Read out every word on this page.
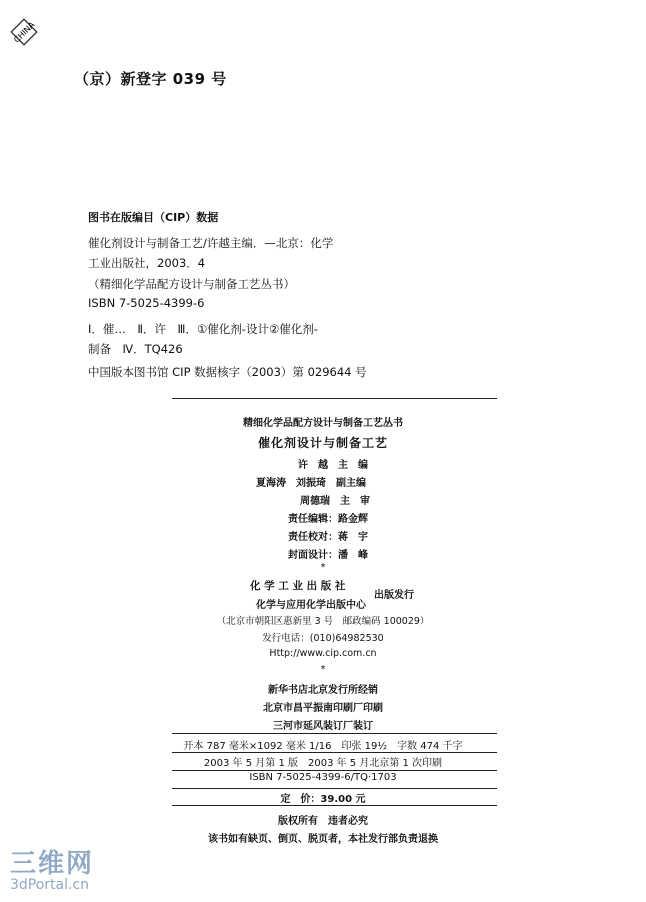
CHINA
（京）新登字 039 号
图书在版编目（CIP）数据
催化剂设计与制备工艺/许越主编．—北京：化学
工业出版社，2003．4
（精细化学品配方设计与制备工艺丛书）
ISBN 7-5025-4399-6
Ⅰ．催…　Ⅱ．许　Ⅲ．①催化剂-设计②催化剂-
制备　Ⅳ．TQ426
中国版本图书馆 CIP 数据核字（2003）第 029644 号
精细化学品配方设计与制备工艺丛书
催化剂设计与制备工艺
许　越　主　编
夏海涛　刘振琦　副主编
周德瑞　主　审
责任编辑：路金辉
责任校对：蒋　宇
封面设计：潘　峰
*
化 学 工 业 出 版 社
出版发行
化学与应用化学出版中心
（北京市朝阳区惠新里 3 号　邮政编码 100029）
发行电话：(010)64982530
Http://www.cip.com.cn
*
新华书店北京发行所经销
北京市昌平振南印刷厂印刷
三河市延风装订厂装订
开本 787 毫米×1092 毫米 1/16　印张 19½　字数 474 千字
2003 年 5 月第 1 版　2003 年 5 月北京第 1 次印刷
ISBN 7-5025-4399-6/TQ·1703
定　价：39.00 元
版权所有　违者必究
该书如有缺页、倒页、脱页者，本社发行部负责退换
三维网
3dPortal.cn
